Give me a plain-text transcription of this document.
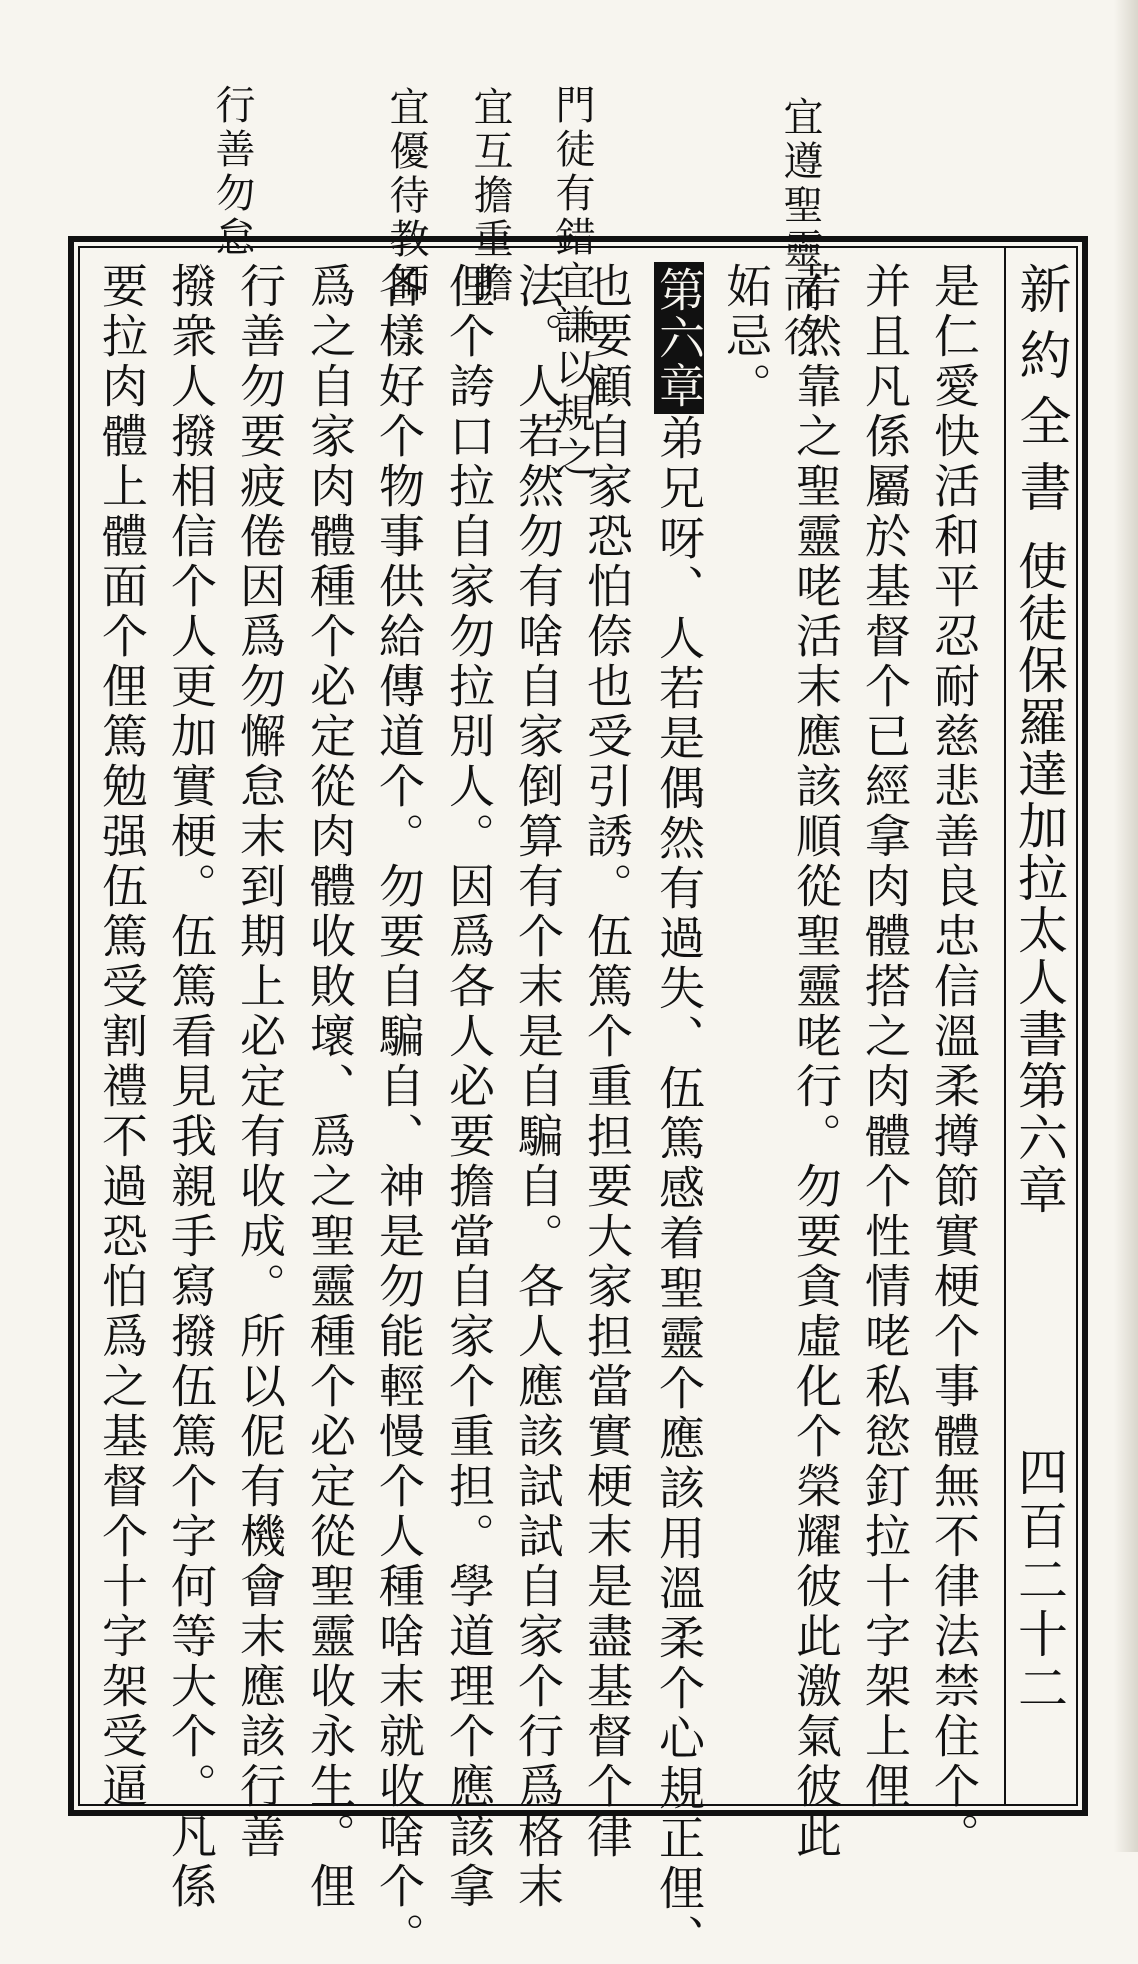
宜遵聖靈而行
門徒有錯宜謙以規之
宜互擔重擔
宜優待教師
行善勿怠
新約全書
使徒保羅達加拉太人書第六章
四百二十二
是仁愛快活和平忍耐慈悲善良忠信溫柔撙節實梗个事體無不律法禁住个。
并且凡係屬於基督个已經拿肉體搭之肉體个性情咾私慾釘拉十字架上俚
若然靠之聖靈咾活末應該順從聖靈咾行。勿要貪虛化个榮耀彼此激氣彼此
妬忌。
第六章弟兄呀、人若是偶然有過失、伍篤感着聖靈个應該用溫柔个心規正俚、
也要顧自家恐怕倷也受引誘。伍篤个重担要大家担當實梗末是盡基督个律
法。人若然勿有啥自家倒算有个末是自騙自。各人應該試試自家个行爲格末
俚个誇口拉自家勿拉別人。因爲各人必要擔當自家个重担。學道理个應該拿
各樣好个物事供給傳道个。勿要自騙自、神是勿能輕慢个人種啥末就收啥个。
爲之自家肉體種个必定從肉體收敗壞、爲之聖靈種个必定從聖靈收永生。俚
行善勿要疲倦因爲勿懈怠末到期上必定有收成。所以伲有機會末應該行善
撥衆人撥相信个人更加實梗。伍篤看見我親手寫撥伍篤个字何等大个。凡係
要拉肉體上體面个俚篤勉强伍篤受割禮不過恐怕爲之基督个十字架受逼
